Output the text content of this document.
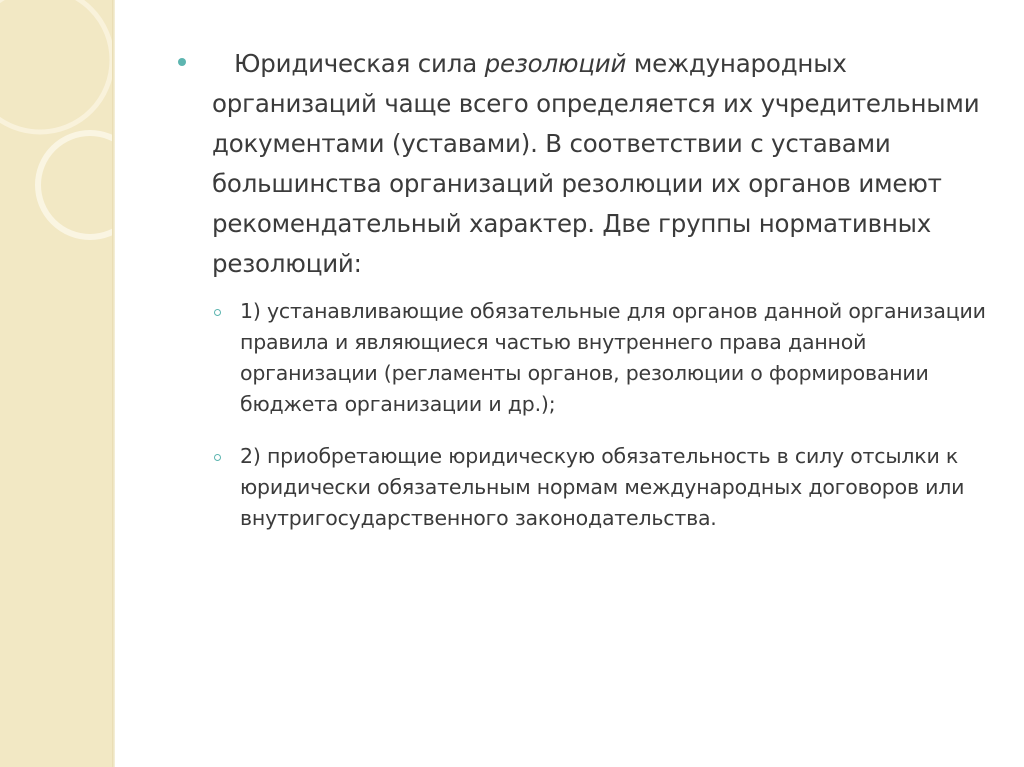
Юридическая сила резолюций международных организаций чаще всего определяется их учредительными документами (уставами). В соответствии с уставами большинства организаций резолюции их органов имеют рекомендательный характер. Две группы нормативных резолюций:

1) устанавливающие обязательные для органов данной организации правила и являющиеся частью внутреннего права данной организации (регламенты органов, резолюции о формировании бюджета организации и др.);

2) приобретающие юридическую обязательность в силу отсылки к юридически обязательным нормам международных договоров или внутригосударственного законодательства.
